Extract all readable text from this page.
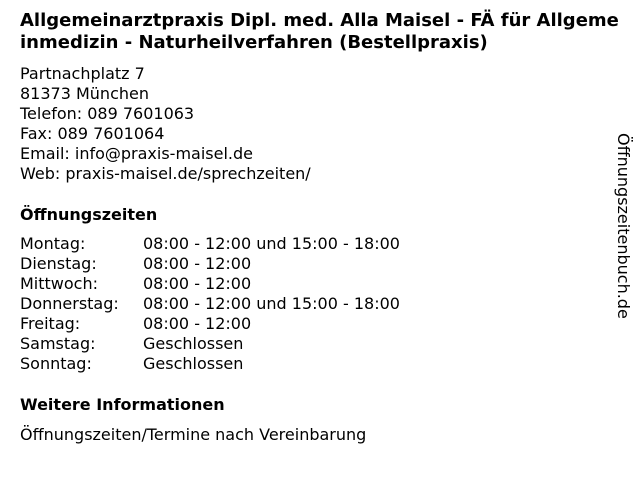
Allgemeinarztpraxis Dipl. med. Alla Maisel - FÄ für Allgemeinmedizin - Naturheilverfahren (Bestellpraxis)
Partnachplatz 7
81373 München
Telefon: 089 7601063
Fax: 089 7601064
Email: info@praxis-maisel.de
Web: praxis-maisel.de/sprechzeiten/
Öffnungszeiten
Montag:	08:00 - 12:00 und 15:00 - 18:00
Dienstag:	08:00 - 12:00
Mittwoch:	08:00 - 12:00
Donnerstag:	08:00 - 12:00 und 15:00 - 18:00
Freitag:	08:00 - 12:00
Samstag:	Geschlossen
Sonntag:	Geschlossen
Weitere Informationen
Öffnungszeiten/Termine nach Vereinbarung
Öffnungszeitenbuch.de
